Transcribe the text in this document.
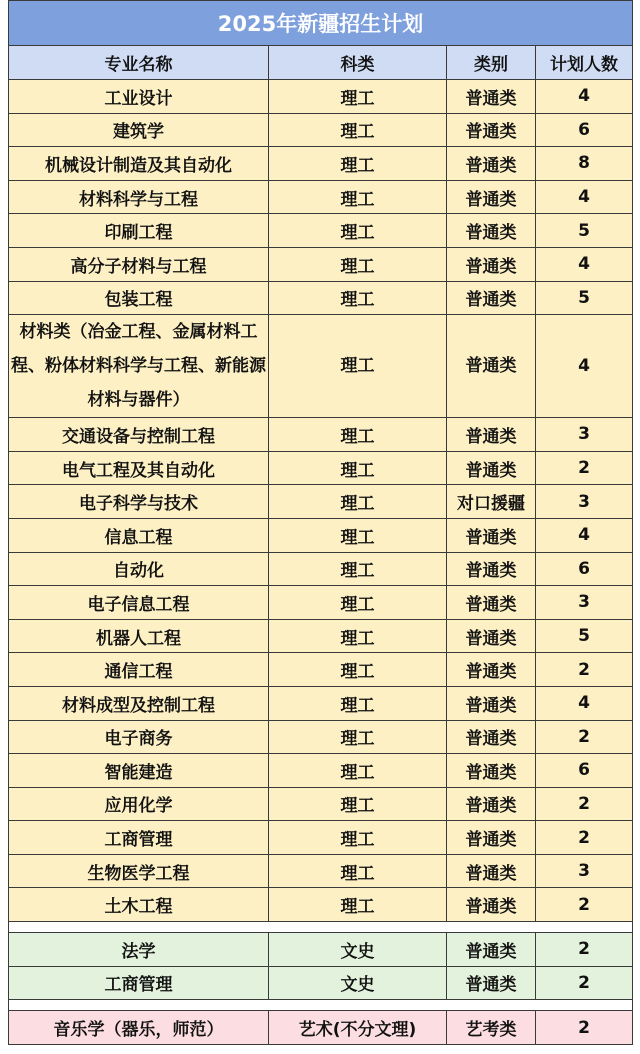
2025年新疆招生计划			
专业名称	科类	类别	计划人数
工业设计	理工	普通类	4
建筑学	理工	普通类	6
机械设计制造及其自动化	理工	普通类	8
材料科学与工程	理工	普通类	4
印刷工程	理工	普通类	5
高分子材料与工程	理工	普通类	4
包装工程	理工	普通类	5
材料类（冶金工程、金属材料工程、粉体材料科学与工程、新能源材料与器件）	理工	普通类	4
交通设备与控制工程	理工	普通类	3
电气工程及其自动化	理工	普通类	2
电子科学与技术	理工	对口援疆	3
信息工程	理工	普通类	4
自动化	理工	普通类	6
电子信息工程	理工	普通类	3
机器人工程	理工	普通类	5
通信工程	理工	普通类	2
材料成型及控制工程	理工	普通类	4
电子商务	理工	普通类	2
智能建造	理工	普通类	6
应用化学	理工	普通类	2
工商管理	理工	普通类	2
生物医学工程	理工	普通类	3
土木工程	理工	普通类	2

法学	文史	普通类	2
工商管理	文史	普通类	2

音乐学（器乐，师范）	艺术(不分文理)	艺考类	2
